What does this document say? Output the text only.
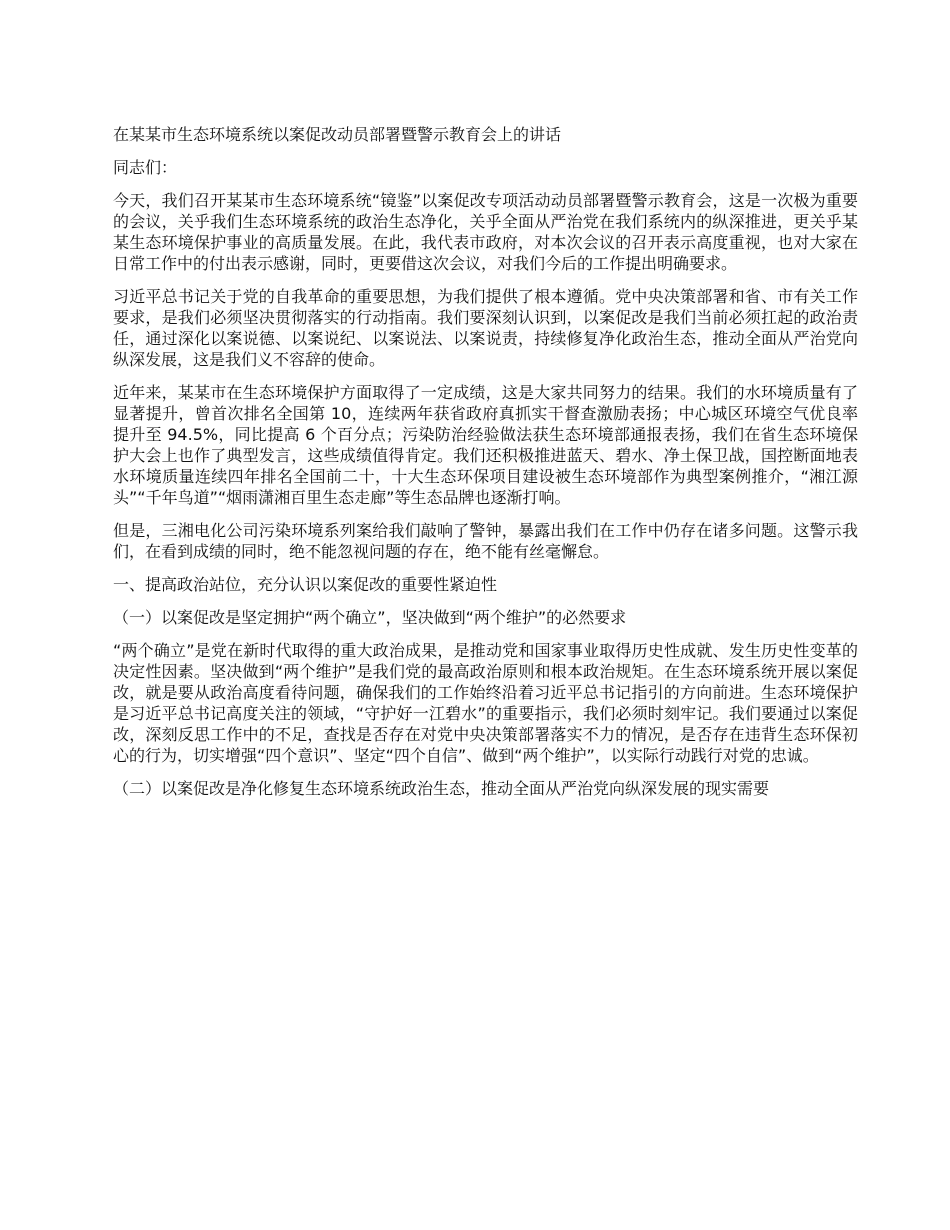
在某某市生态环境系统以案促改动员部署暨警示教育会上的讲话

同志们：

今天，我们召开某某市生态环境系统“镜鉴”以案促改专项活动动员部署暨警示教育会，这是一次极为重要的会议，关乎我们生态环境系统的政治生态净化，关乎全面从严治党在我们系统内的纵深推进，更关乎某某生态环境保护事业的高质量发展。在此，我代表市政府，对本次会议的召开表示高度重视，也对大家在日常工作中的付出表示感谢，同时，更要借这次会议，对我们今后的工作提出明确要求。

习近平总书记关于党的自我革命的重要思想，为我们提供了根本遵循。党中央决策部署和省、市有关工作要求，是我们必须坚决贯彻落实的行动指南。我们要深刻认识到，以案促改是我们当前必须扛起的政治责任，通过深化以案说德、以案说纪、以案说法、以案说责，持续修复净化政治生态，推动全面从严治党向纵深发展，这是我们义不容辞的使命。

近年来，某某市在生态环境保护方面取得了一定成绩，这是大家共同努力的结果。我们的水环境质量有了显著提升，曾首次排名全国第 10，连续两年获省政府真抓实干督查激励表扬；中心城区环境空气优良率提升至 94.5%，同比提高 6 个百分点；污染防治经验做法获生态环境部通报表扬，我们在省生态环境保护大会上也作了典型发言，这些成绩值得肯定。我们还积极推进蓝天、碧水、净土保卫战，国控断面地表水环境质量连续四年排名全国前二十，十大生态环保项目建设被生态环境部作为典型案例推介，“湘江源头”“千年鸟道”“烟雨潇湘百里生态走廊”等生态品牌也逐渐打响。

但是，三湘电化公司污染环境系列案给我们敲响了警钟，暴露出我们在工作中仍存在诸多问题。这警示我们，在看到成绩的同时，绝不能忽视问题的存在，绝不能有丝毫懈怠。

一、提高政治站位，充分认识以案促改的重要性紧迫性

（一）以案促改是坚定拥护“两个确立”，坚决做到“两个维护”的必然要求

“两个确立”是党在新时代取得的重大政治成果，是推动党和国家事业取得历史性成就、发生历史性变革的决定性因素。坚决做到“两个维护”是我们党的最高政治原则和根本政治规矩。在生态环境系统开展以案促改，就是要从政治高度看待问题，确保我们的工作始终沿着习近平总书记指引的方向前进。生态环境保护是习近平总书记高度关注的领域，“守护好一江碧水”的重要指示，我们必须时刻牢记。我们要通过以案促改，深刻反思工作中的不足，查找是否存在对党中央决策部署落实不力的情况，是否存在违背生态环保初心的行为，切实增强“四个意识”、坚定“四个自信”、做到“两个维护”，以实际行动践行对党的忠诚。

（二）以案促改是净化修复生态环境系统政治生态，推动全面从严治党向纵深发展的现实需要
